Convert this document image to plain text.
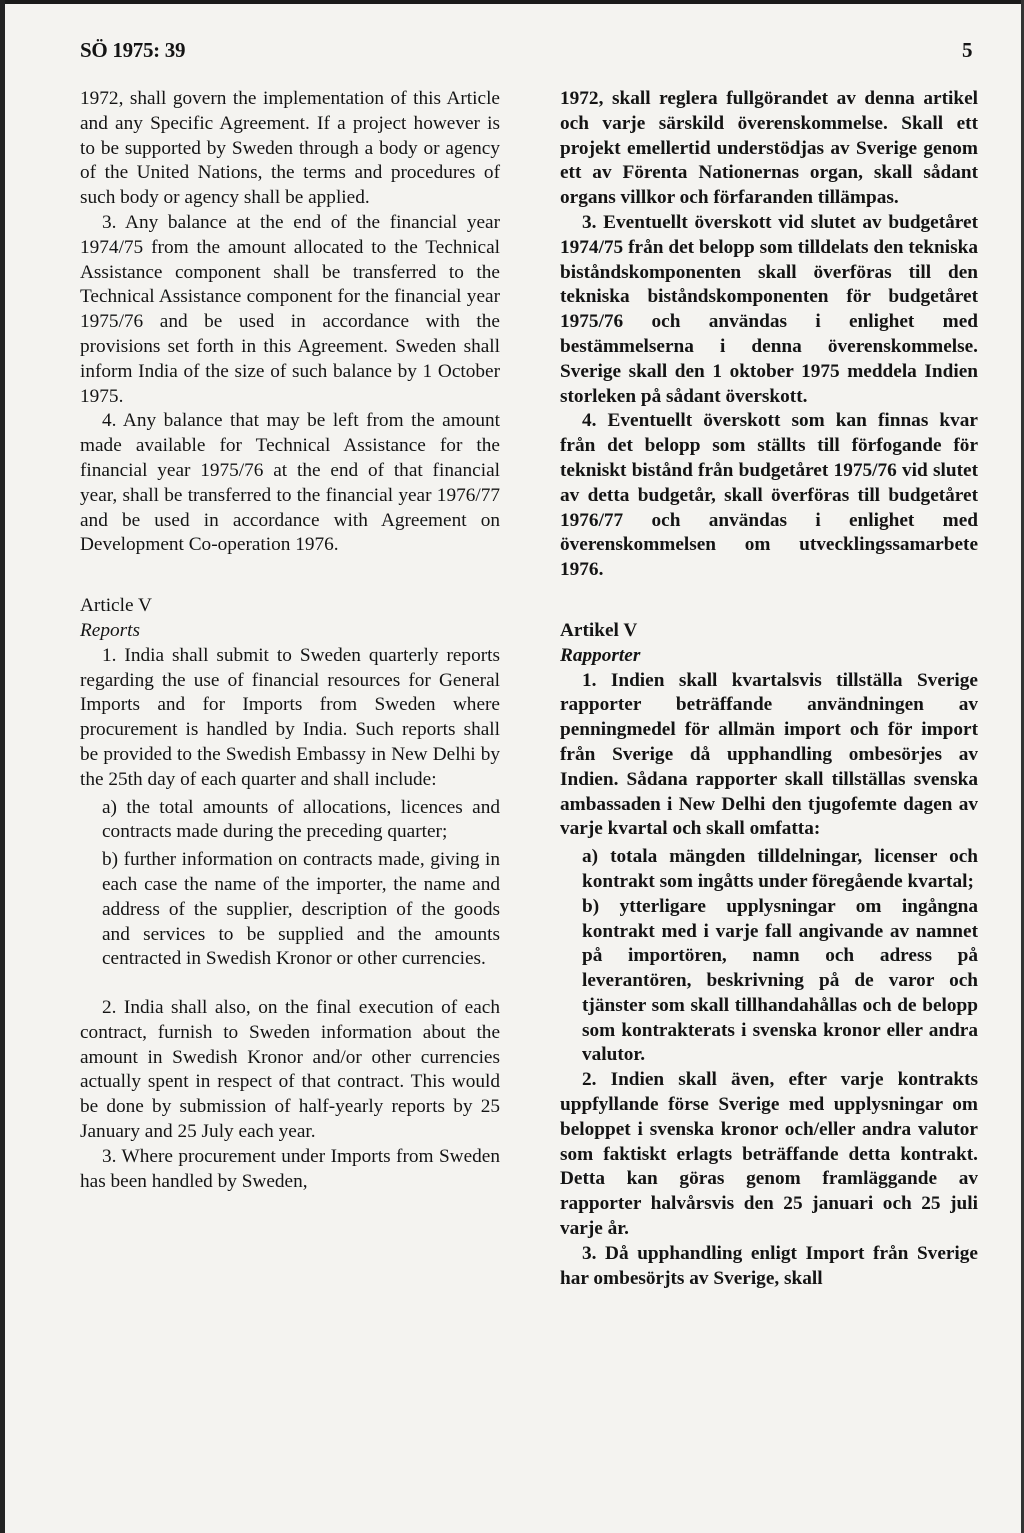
SÖ 1975: 39	5

1972, shall govern the implementation of this Article and any Specific Agreement. If a project however is to be supported by Sweden through a body or agency of the United Nations, the terms and procedures of such body or agency shall be applied.

3. Any balance at the end of the financial year 1974/75 from the amount allocated to the Technical Assistance component shall be transferred to the Technical Assistance component for the financial year 1975/76 and be used in accordance with the provisions set forth in this Agreement. Sweden shall inform India of the size of such balance by 1 October 1975.

4. Any balance that may be left from the amount made available for Technical Assistance for the financial year 1975/76 at the end of that financial year, shall be transferred to the financial year 1976/77 and be used in accordance with Agreement on Development Co-operation 1976.

Article V
Reports

1. India shall submit to Sweden quarterly reports regarding the use of financial resources for General Imports and for Imports from Sweden where procurement is handled by India. Such reports shall be provided to the Swedish Embassy in New Delhi by the 25th day of each quarter and shall include:

a) the total amounts of allocations, licences and contracts made during the preceding quarter;

b) further information on contracts made, giving in each case the name of the importer, the name and address of the supplier, description of the goods and services to be supplied and the amounts centracted in Swedish Kronor or other currencies.

2. India shall also, on the final execution of each contract, furnish to Sweden information about the amount in Swedish Kronor and/or other currencies actually spent in respect of that contract. This would be done by submission of half-yearly reports by 25 January and 25 July each year.

3. Where procurement under Imports from Sweden has been handled by Sweden,

1972, skall reglera fullgörandet av denna artikel och varje särskild överenskommelse. Skall ett projekt emellertid understödjas av Sverige genom ett av Förenta Nationernas organ, skall sådant organs villkor och förfaranden tillämpas.

3. Eventuellt överskott vid slutet av budgetåret 1974/75 från det belopp som tilldelats den tekniska biståndskomponenten skall överföras till den tekniska biståndskomponenten för budgetåret 1975/76 och användas i enlighet med bestämmelserna i denna överenskommelse. Sverige skall den 1 oktober 1975 meddela Indien storleken på sådant överskott.

4. Eventuellt överskott som kan finnas kvar från det belopp som ställts till förfogande för tekniskt bistånd från budgetåret 1975/76 vid slutet av detta budgetår, skall överföras till budgetåret 1976/77 och användas i enlighet med överenskommelsen om utvecklingssamarbete 1976.

Artikel V
Rapporter

1. Indien skall kvartalsvis tillställa Sverige rapporter beträffande användningen av penningmedel för allmän import och för import från Sverige då upphandling ombesörjes av Indien. Sådana rapporter skall tillställas svenska ambassaden i New Delhi den tjugofemte dagen av varje kvartal och skall omfatta:

a) totala mängden tilldelningar, licenser och kontrakt som ingåtts under föregående kvartal;

b) ytterligare upplysningar om ingångna kontrakt med i varje fall angivande av namnet på importören, namn och adress på leverantören, beskrivning på de varor och tjänster som skall tillhandahållas och de belopp som kontrakterats i svenska kronor eller andra valutor.

2. Indien skall även, efter varje kontrakts uppfyllande förse Sverige med upplysningar om beloppet i svenska kronor och/eller andra valutor som faktiskt erlagts beträffande detta kontrakt. Detta kan göras genom framläggande av rapporter halvårsvis den 25 januari och 25 juli varje år.

3. Då upphandling enligt Import från Sverige har ombesörjts av Sverige, skall
